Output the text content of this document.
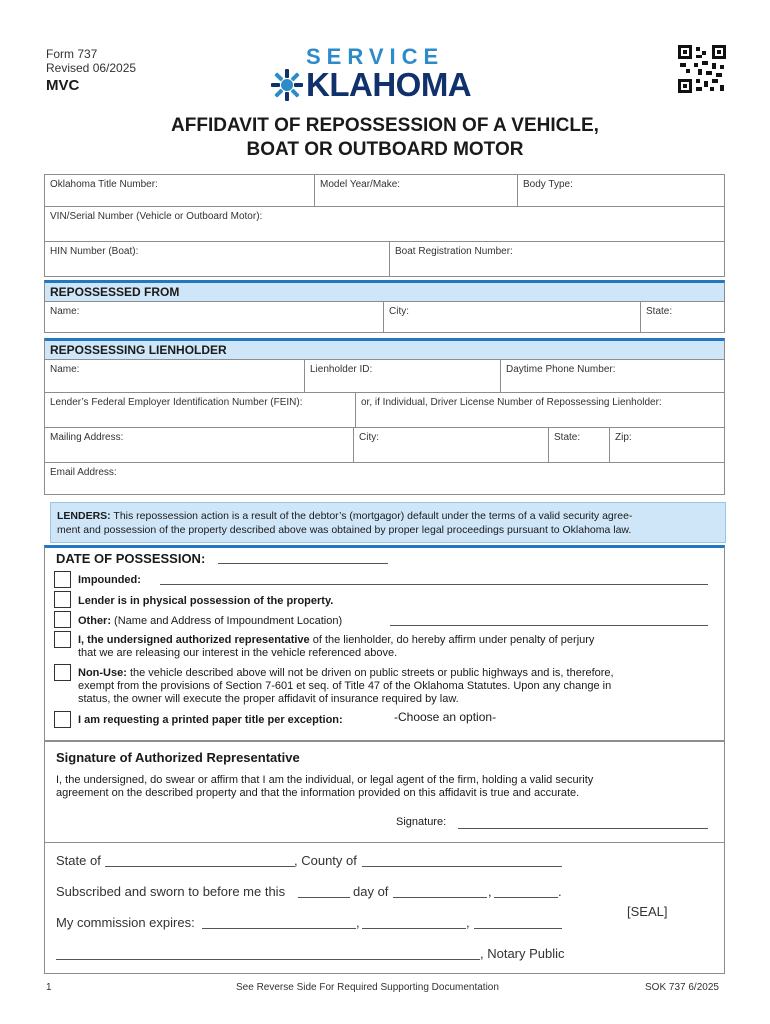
Form 737
Revised 06/2025
MVC
SERVICE
KLAHOMA
AFFIDAVIT OF REPOSSESSION OF A VEHICLE,
BOAT OR OUTBOARD MOTOR
Oklahoma Title Number:	Model Year/Make:	Body Type:
VIN/Serial Number (Vehicle or Outboard Motor):
HIN Number (Boat):	Boat Registration Number:
REPOSSESSED FROM
Name:	City:	State:
REPOSSESSING LIENHOLDER
Name:	Lienholder ID:	Daytime Phone Number:
Lender’s Federal Employer Identification Number (FEIN):	or, if Individual, Driver License Number of Repossessing Lienholder:
Mailing Address:	City:	State:	Zip:
Email Address:
LENDERS: This repossession action is a result of the debtor’s (mortgagor) default under the terms of a valid security agree-
ment and possession of the property described above was obtained by proper legal proceedings pursuant to Oklahoma law.
DATE OF POSSESSION:
Impounded:
Lender is in physical possession of the property.
Other: (Name and Address of Impoundment Location)
I, the undersigned authorized representative of the lienholder, do hereby affirm under penalty of perjury
that we are releasing our interest in the vehicle referenced above.
Non-Use: the vehicle described above will not be driven on public streets or public highways and is, therefore,
exempt from the provisions of Section 7-601 et seq. of Title 47 of the Oklahoma Statutes. Upon any change in
status, the owner will execute the proper affidavit of insurance required by law.
I am requesting a printed paper title per exception:	-Choose an option-
Signature of Authorized Representative
I, the undersigned, do swear or affirm that I am the individual, or legal agent of the firm, holding a valid security
agreement on the described property and that the information provided on this affidavit is true and accurate.
Signature:
State of	, County of
Subscribed and sworn to before me this	day of	,	.
[SEAL]
My commission expires:	,	,
, Notary Public
1	See Reverse Side For Required Supporting Documentation	SOK 737 6/2025
